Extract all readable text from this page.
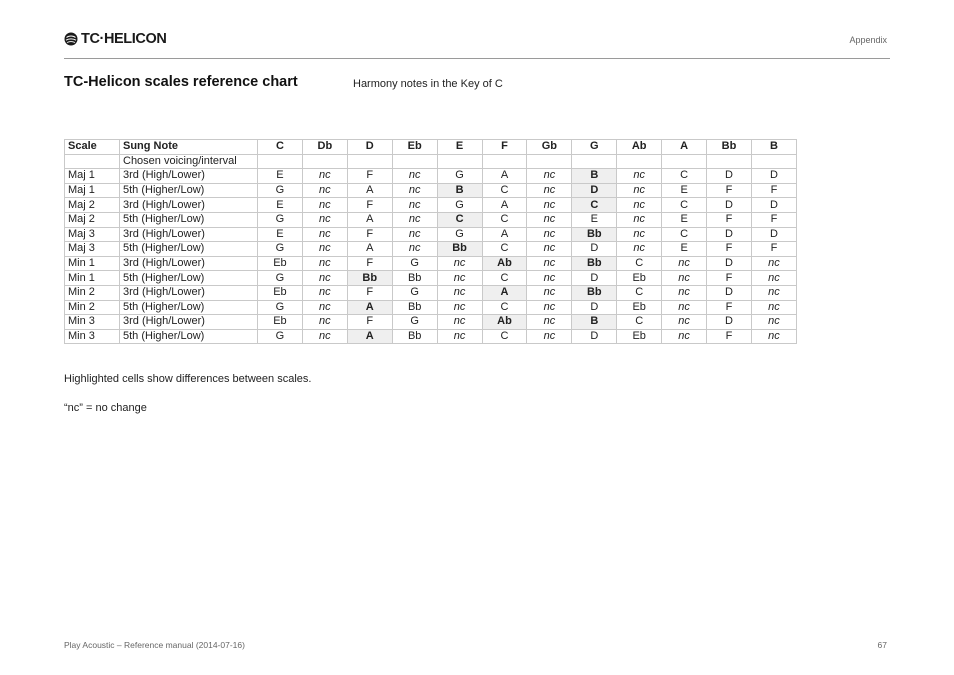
TC·HELICON	Appendix
TC-Helicon scales reference chart	Harmony notes in the Key of C
Scale	Sung Note	C	Db	D	Eb	E	F	Gb	G	Ab	A	Bb	B
	Chosen voicing/interval												
Maj 1	3rd (High/Lower)	E	nc	F	nc	G	A	nc	B	nc	C	D	D
Maj 1	5th (Higher/Low)	G	nc	A	nc	B	C	nc	D	nc	E	F	F
Maj 2	3rd (High/Lower)	E	nc	F	nc	G	A	nc	C	nc	C	D	D
Maj 2	5th (Higher/Low)	G	nc	A	nc	C	C	nc	E	nc	E	F	F
Maj 3	3rd (High/Lower)	E	nc	F	nc	G	A	nc	Bb	nc	C	D	D
Maj 3	5th (Higher/Low)	G	nc	A	nc	Bb	C	nc	D	nc	E	F	F
Min 1	3rd (High/Lower)	Eb	nc	F	G	nc	Ab	nc	Bb	C	nc	D	nc
Min 1	5th (Higher/Low)	G	nc	Bb	Bb	nc	C	nc	D	Eb	nc	F	nc
Min 2	3rd (High/Lower)	Eb	nc	F	G	nc	A	nc	Bb	C	nc	D	nc
Min 2	5th (Higher/Low)	G	nc	A	Bb	nc	C	nc	D	Eb	nc	F	nc
Min 3	3rd (High/Lower)	Eb	nc	F	G	nc	Ab	nc	B	C	nc	D	nc
Min 3	5th (Higher/Low)	G	nc	A	Bb	nc	C	nc	D	Eb	nc	F	nc
Highlighted cells show differences between scales.
“nc” = no change
Play Acoustic – Reference manual (2014-07-16)	67
